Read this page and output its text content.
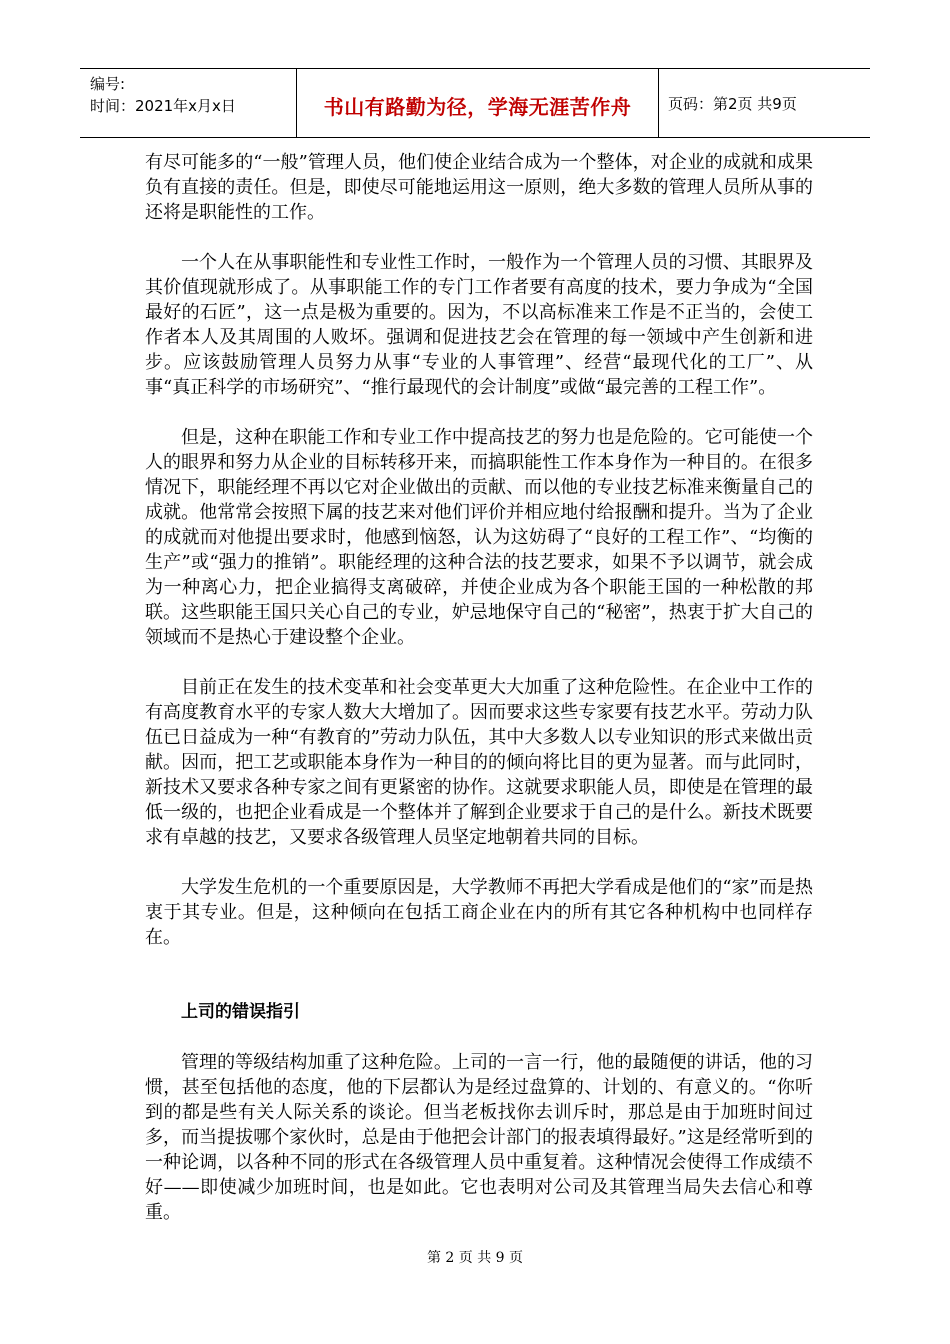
编号:
时间：2021年x月x日	书山有路勤为径，学海无涯苦作舟	页码：第2页 共9页

有尽可能多的“一般”管理人员，他们使企业结合成为一个整体，对企业的成就和成果负有直接的责任。但是，即使尽可能地运用这一原则，绝大多数的管理人员所从事的还将是职能性的工作。

一个人在从事职能性和专业性工作时，一般作为一个管理人员的习惯、其眼界及其价值现就形成了。从事职能工作的专门工作者要有高度的技术，要力争成为“全国最好的石匠”，这一点是极为重要的。因为，不以高标准来工作是不正当的，会使工作者本人及其周围的人败坏。强调和促进技艺会在管理的每一领域中产生创新和进步。应该鼓励管理人员努力从事“专业的人事管理”、经营“最现代化的工厂”、从事“真正科学的市场研究”、“推行最现代的会计制度”或做“最完善的工程工作”。

但是，这种在职能工作和专业工作中提高技艺的努力也是危险的。它可能使一个人的眼界和努力从企业的目标转移开来，而搞职能性工作本身作为一种目的。在很多情况下，职能经理不再以它对企业做出的贡献、而以他的专业技艺标准来衡量自己的成就。他常常会按照下属的技艺来对他们评价并相应地付给报酬和提升。当为了企业的成就而对他提出要求时，他感到恼怒，认为这妨碍了“良好的工程工作”、“均衡的生产”或“强力的推销”。职能经理的这种合法的技艺要求，如果不予以调节，就会成为一种离心力，把企业搞得支离破碎，并使企业成为各个职能王国的一种松散的邦联。这些职能王国只关心自己的专业，妒忌地保守自己的“秘密”，热衷于扩大自己的领域而不是热心于建设整个企业。

目前正在发生的技术变革和社会变革更大大加重了这种危险性。在企业中工作的有高度教育水平的专家人数大大增加了。因而要求这些专家要有技艺水平。劳动力队伍已日益成为一种“有教育的”劳动力队伍，其中大多数人以专业知识的形式来做出贡献。因而，把工艺或职能本身作为一种目的的倾向将比目的更为显著。而与此同时，新技术又要求各种专家之间有更紧密的协作。这就要求职能人员，即使是在管理的最低一级的，也把企业看成是一个整体并了解到企业要求于自己的是什么。新技术既要求有卓越的技艺，又要求各级管理人员坚定地朝着共同的目标。

大学发生危机的一个重要原因是，大学教师不再把大学看成是他们的“家”而是热衷于其专业。但是，这种倾向在包括工商企业在内的所有其它各种机构中也同样存在。

上司的错误指引

管理的等级结构加重了这种危险。上司的一言一行，他的最随便的讲话，他的习惯，甚至包括他的态度，他的下层都认为是经过盘算的、计划的、有意义的。“你听到的都是些有关人际关系的谈论。但当老板找你去训斥时，那总是由于加班时间过多，而当提拔哪个家伙时，总是由于他把会计部门的报表填得最好。”这是经常听到的一种论调，以各种不同的形式在各级管理人员中重复着。这种情况会使得工作成绩不好——即使减少加班时间，也是如此。它也表明对公司及其管理当局失去信心和尊重。

第 2 页 共 9 页
